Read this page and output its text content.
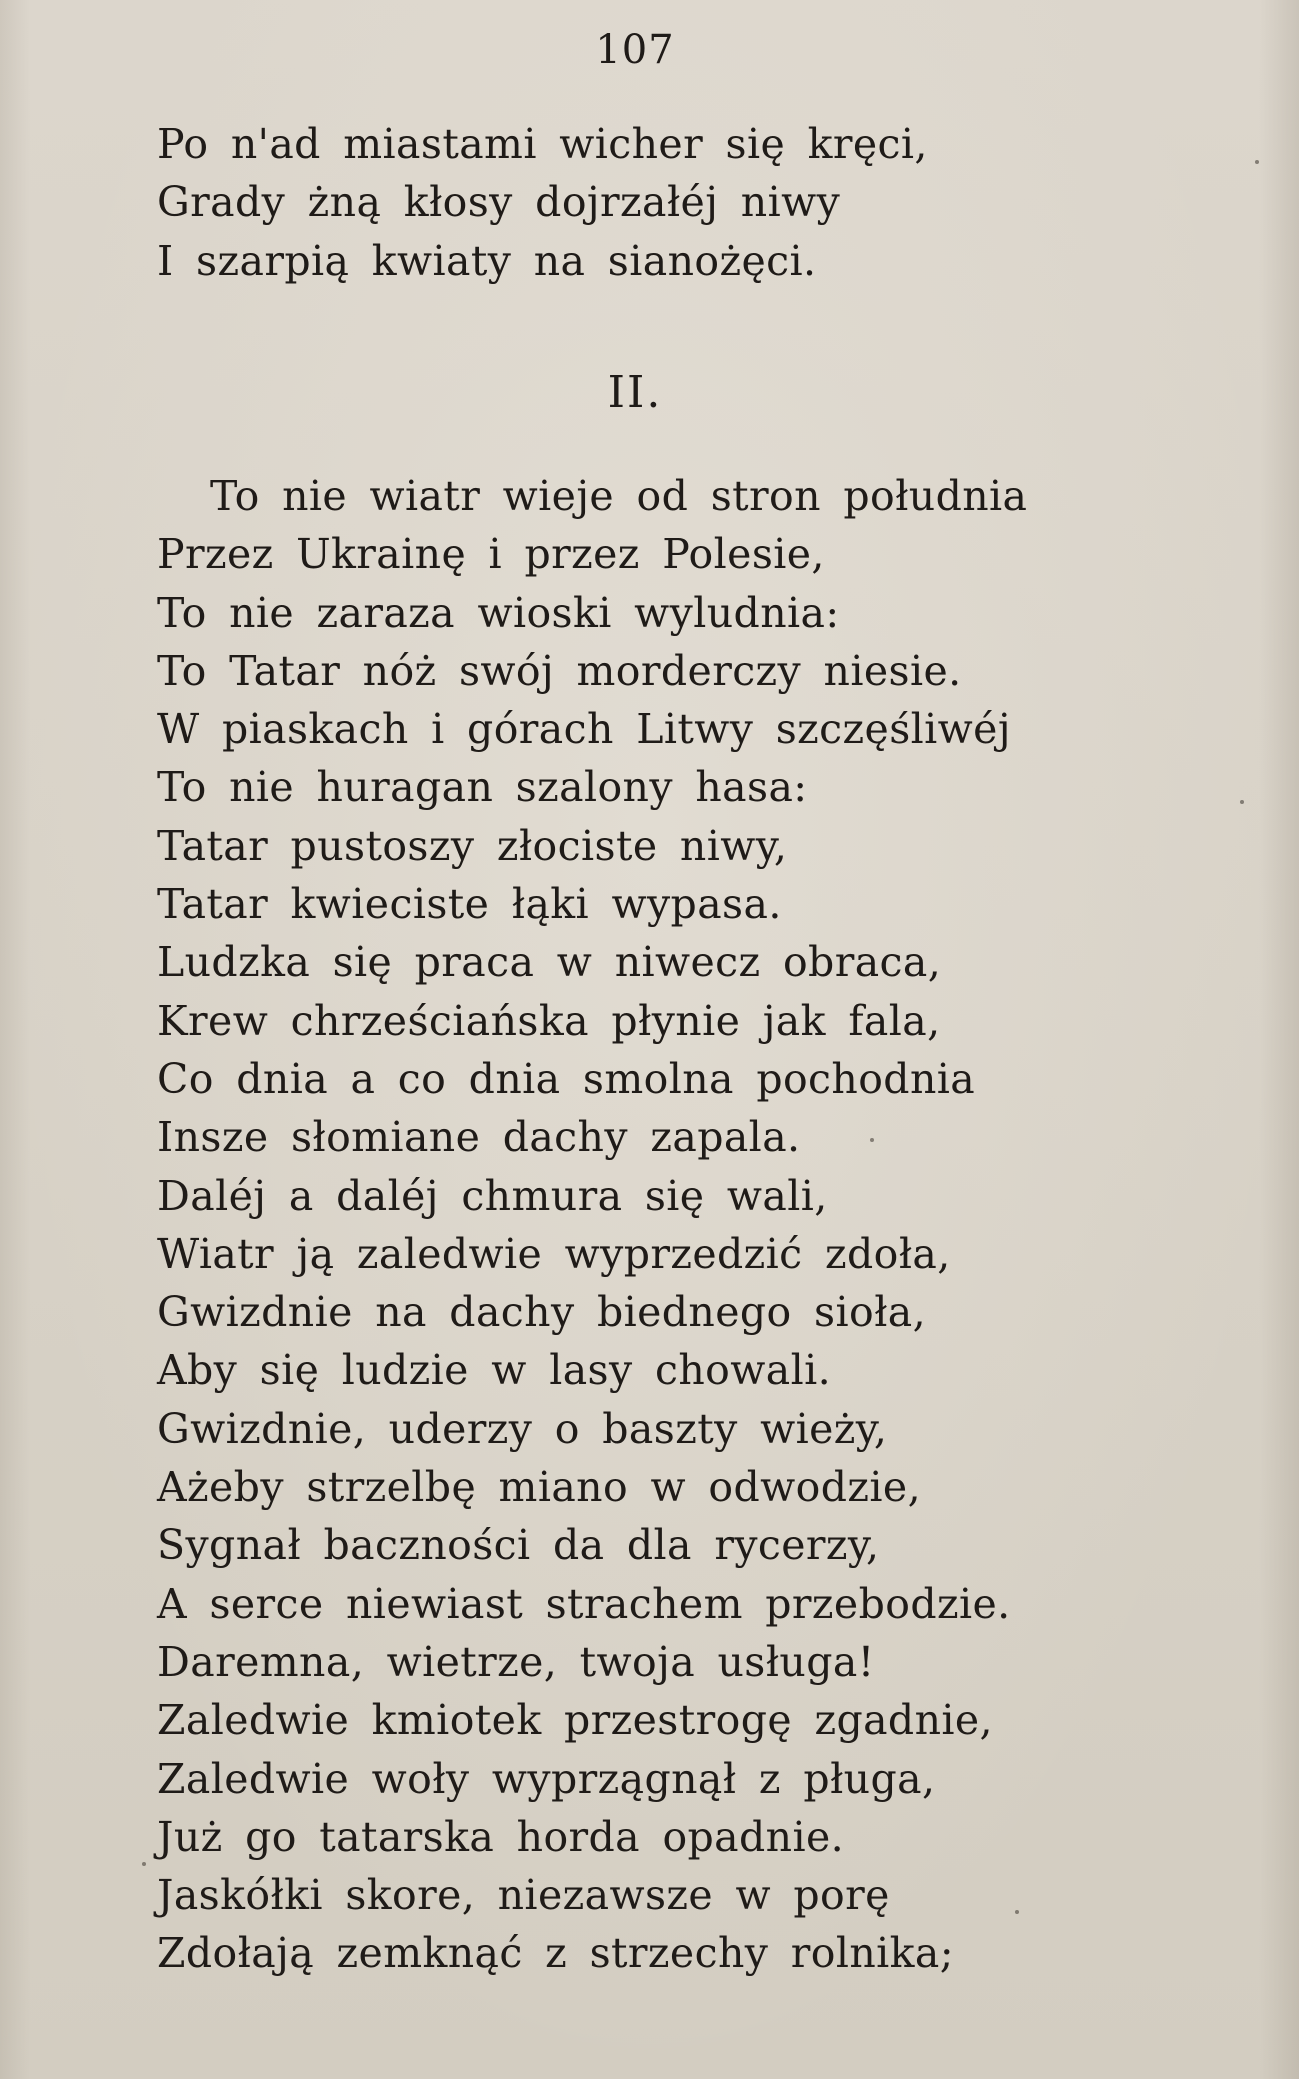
107
Po n'ad miastami wicher się kręci,
Grady żną kłosy dojrzałéj niwy
I szarpią kwiaty na sianożęci.
II.
To nie wiatr wieje od stron południa
Przez Ukrainę i przez Polesie,
To nie zaraza wioski wyludnia:
To Tatar nóż swój morderczy niesie.
W piaskach i górach Litwy szczęśliwéj
To nie huragan szalony hasa:
Tatar pustoszy złociste niwy,
Tatar kwieciste łąki wypasa.
Ludzka się praca w niwecz obraca,
Krew chrześciańska płynie jak fala,
Co dnia a co dnia smolna pochodnia
Insze słomiane dachy zapala.
Daléj a daléj chmura się wali,
Wiatr ją zaledwie wyprzedzić zdoła,
Gwizdnie na dachy biednego sioła,
Aby się ludzie w lasy chowali.
Gwizdnie, uderzy o baszty wieży,
Ażeby strzelbę miano w odwodzie,
Sygnał baczności da dla rycerzy,
A serce niewiast strachem przebodzie.
Daremna, wietrze, twoja usługa!
Zaledwie kmiotek przestrogę zgadnie,
Zaledwie woły wyprzągnął z pługa,
Już go tatarska horda opadnie.
Jaskółki skore, niezawsze w porę
Zdołają zemknąć z strzechy rolnika;
